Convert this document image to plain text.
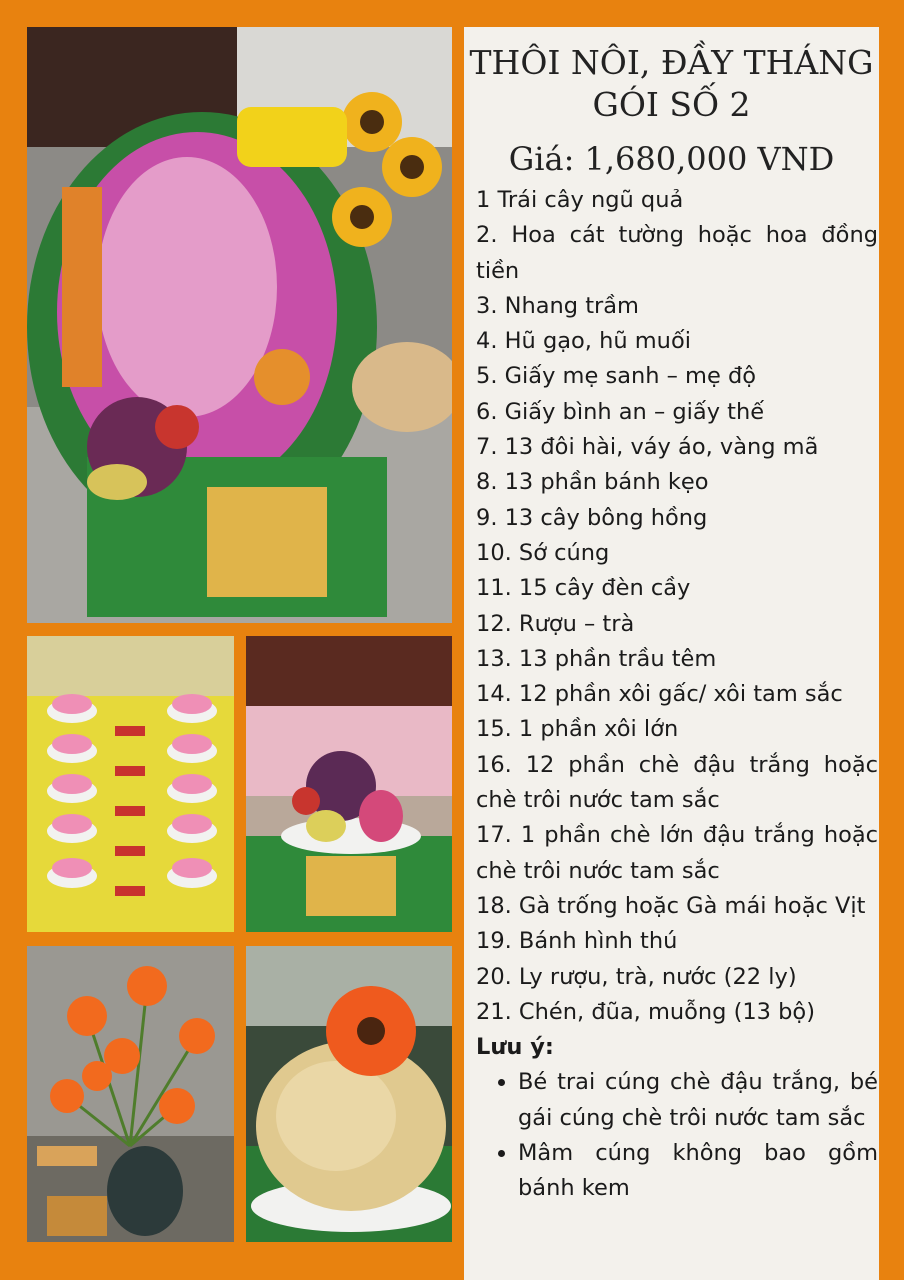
THÔI NÔI, ĐẦY THÁNG
GÓI SỐ 2
Giá: 1,680,000 VND
1 Trái cây ngũ quả
2. Hoa cát tường hoặc hoa đồng tiền
3. Nhang trầm
4. Hũ gạo, hũ muối
5. Giấy mẹ sanh – mẹ độ
6. Giấy bình an – giấy thế
7. 13 đôi hài, váy áo, vàng mã
8. 13 phần bánh kẹo
9. 13 cây bông hồng
10. Sớ cúng
11. 15 cây đèn cầy
12. Rượu – trà
13. 13 phần trầu têm
14. 12 phần xôi gấc/ xôi tam sắc
15. 1 phần xôi lớn
16. 12 phần chè đậu trắng hoặc chè trôi nước tam sắc
17. 1 phần chè lớn đậu trắng hoặc chè trôi nước tam sắc
18. Gà trống hoặc Gà mái hoặc Vịt
19. Bánh hình thú
20. Ly rượu, trà, nước (22 ly)
21. Chén, đũa, muỗng (13 bộ)
Lưu ý:
• Bé trai cúng chè đậu trắng, bé gái cúng chè trôi nước tam sắc
• Mâm cúng không bao gồm bánh kem
